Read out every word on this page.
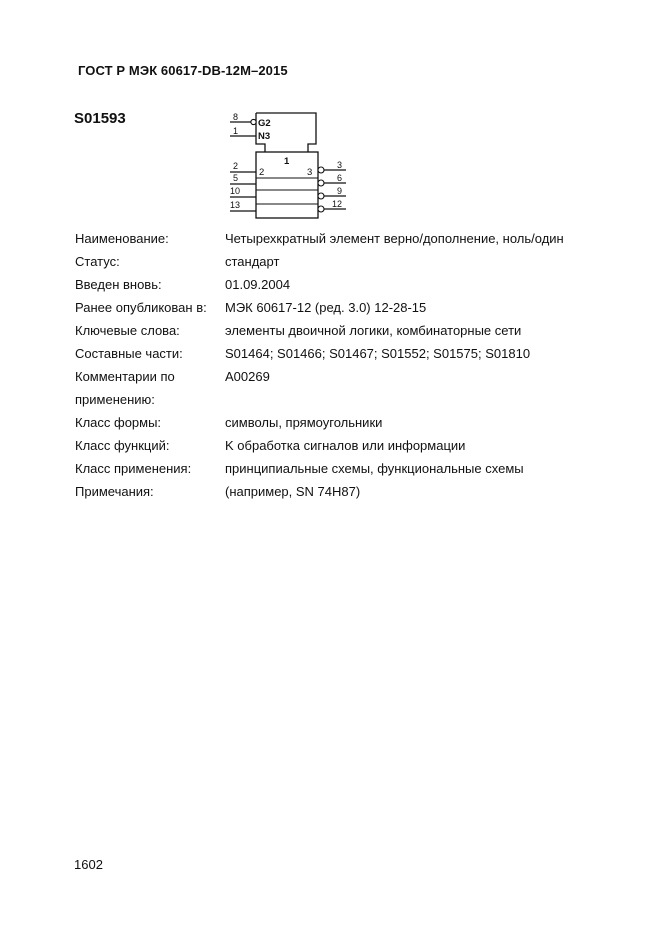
ГОСТ Р МЭК 60617-DB-12M–2015
S01593	8
G2
1 N3
1
2	3
2
5
10
13
3
6
9
12
Наименование:	Четырехкратный элемент верно/дополнение, ноль/один
Статус:	стандарт
Введен вновь:	01.09.2004
Ранее опубликован в:	МЭК 60617-12 (ред. 3.0) 12-28-15
Ключевые слова:	элементы двоичной логики, комбинаторные сети
Составные части:	S01464; S01466; S01467; S01552; S01575; S01810
Комментарии по	A00269
применению:
Класс формы:	символы, прямоугольники
Класс функций:	K обработка сигналов или информации
Класс применения:	принципиальные схемы, функциональные схемы
Примечания:	(например, SN 74H87)
1602
